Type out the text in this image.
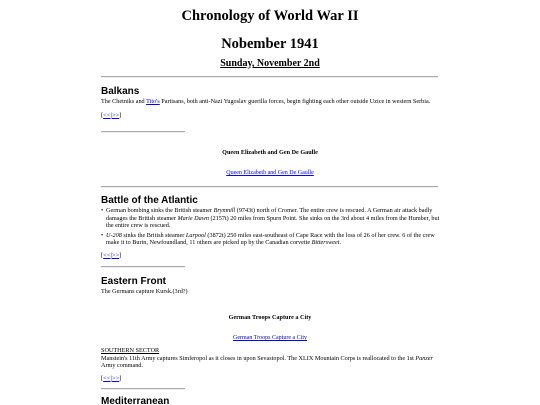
Chronology of World War II
Nobember 1941
Sunday, November 2nd
Balkans
The Chetniks and Tito's Partisans, both anti-Nazi Yugoslav guerilla forces, begin fighting each other outside Uzice in western Serbia.
[<<|>>]
Queen Elizabeth and Gen De Gaulle
Queen Elizabeth and Gen De Gaulle
Battle of the Atlantic

• German bombing sinks the British steamer Brynmill (9743t) north of Cromer. The entire crew is rescued. A German air attack badly damages the British steamer Marie Dawn (2157t) 20 miles from Spurn Point. She sinks on the 3rd about 4 miles from the Humber, but the entire crew is rescued.

• U-208 sinks the British steamer Larpool (3872t) 250 miles east-southeast of Cape Race with the loss of 26 of her crew. 6 of the crew make it to Burin, Newfoundland, 11 others are picked up by the Canadian corvette Bittersweet.

[<<|>>]
Eastern Front
The Germans capture Kursk.(3rd?)
German Troops Capture a City
German Troops Capture a City
SOUTHERN SECTOR
Manstein's 11th Army captures Simferopol as it closes in upon Sevastopol. The XLIX Mountain Corps is reallocated to the 1st Panzer Army command.
[<<|>>]
Mediterranean
